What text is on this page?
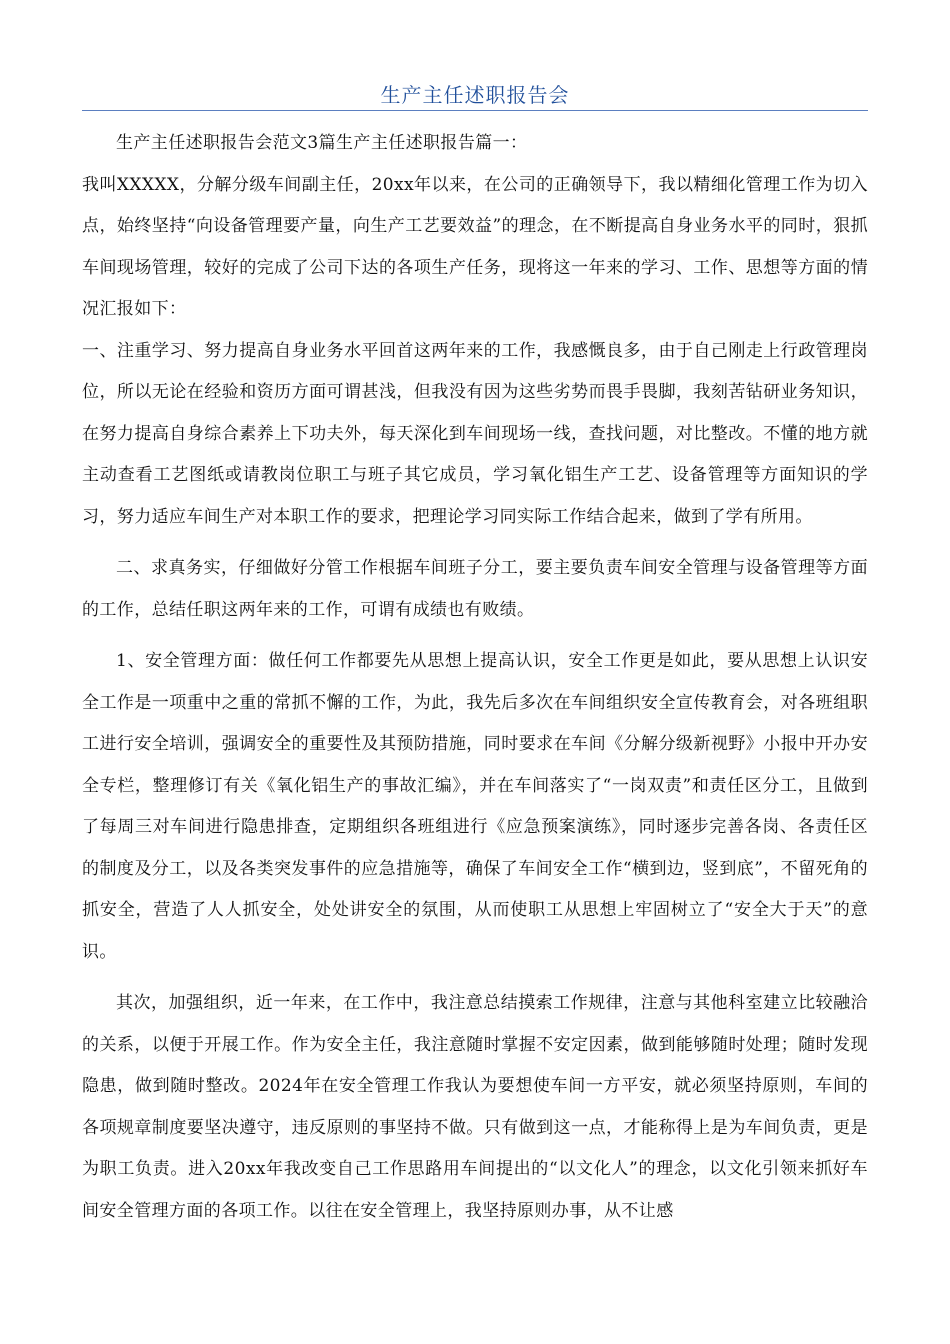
生产主任述职报告会

生产主任述职报告会范文3篇生产主任述职报告篇一：

我叫XXXXX，分解分级车间副主任，20xx年以来，在公司的正确领导下，我以精细化管理工作为切入点，始终坚持“向设备管理要产量，向生产工艺要效益”的理念，在不断提高自身业务水平的同时，狠抓车间现场管理，较好的完成了公司下达的各项生产任务，现将这一年来的学习、工作、思想等方面的情况汇报如下：

一、注重学习、努力提高自身业务水平回首这两年来的工作，我感慨良多，由于自己刚走上行政管理岗位，所以无论在经验和资历方面可谓甚浅，但我没有因为这些劣势而畏手畏脚，我刻苦钻研业务知识，在努力提高自身综合素养上下功夫外，每天深化到车间现场一线，查找问题，对比整改。不懂的地方就主动查看工艺图纸或请教岗位职工与班子其它成员，学习氧化铝生产工艺、设备管理等方面知识的学习，努力适应车间生产对本职工作的要求，把理论学习同实际工作结合起来，做到了学有所用。

二、求真务实，仔细做好分管工作根据车间班子分工，要主要负责车间安全管理与设备管理等方面的工作，总结任职这两年来的工作，可谓有成绩也有败绩。

1、安全管理方面：做任何工作都要先从思想上提高认识，安全工作更是如此，要从思想上认识安全工作是一项重中之重的常抓不懈的工作，为此，我先后多次在车间组织安全宣传教育会，对各班组职工进行安全培训，强调安全的重要性及其预防措施，同时要求在车间《分解分级新视野》小报中开办安全专栏，整理修订有关《氧化铝生产的事故汇编》，并在车间落实了“一岗双责”和责任区分工，且做到了每周三对车间进行隐患排查，定期组织各班组进行《应急预案演练》，同时逐步完善各岗、各责任区的制度及分工，以及各类突发事件的应急措施等，确保了车间安全工作“横到边，竖到底”，不留死角的抓安全，营造了人人抓安全，处处讲安全的氛围，从而使职工从思想上牢固树立了“安全大于天”的意识。

其次，加强组织，近一年来，在工作中，我注意总结摸索工作规律，注意与其他科室建立比较融洽的关系，以便于开展工作。作为安全主任，我注意随时掌握不安定因素，做到能够随时处理；随时发现隐患，做到随时整改。2024年在安全管理工作我认为要想使车间一方平安，就必须坚持原则，车间的各项规章制度要坚决遵守，违反原则的事坚持不做。只有做到这一点，才能称得上是为车间负责，更是为职工负责。进入20xx年我改变自己工作思路用车间提出的“以文化人”的理念，以文化引领来抓好车间安全管理方面的各项工作。以往在安全管理上，我坚持原则办事，从不让感
